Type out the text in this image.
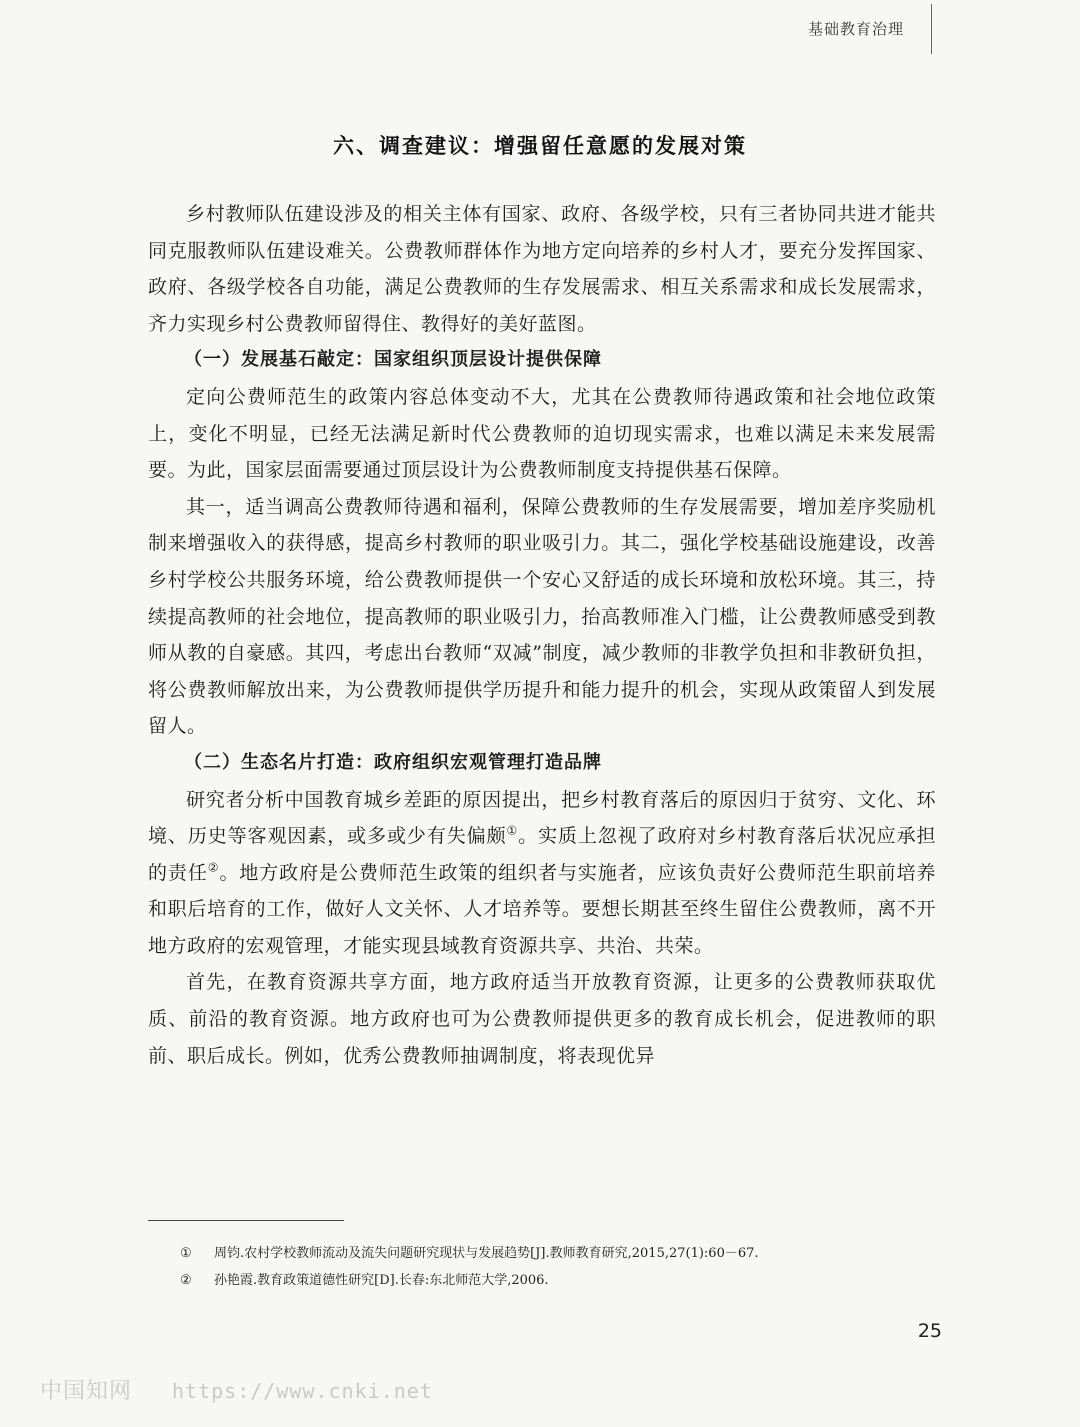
基础教育治理
六、调查建议：增强留任意愿的发展对策

乡村教师队伍建设涉及的相关主体有国家、政府、各级学校，只有三者协同共进才能共同克服教师队伍建设难关。公费教师群体作为地方定向培养的乡村人才，要充分发挥国家、政府、各级学校各自功能，满足公费教师的生存发展需求、相互关系需求和成长发展需求，齐力实现乡村公费教师留得住、教得好的美好蓝图。

（一）发展基石敲定：国家组织顶层设计提供保障

定向公费师范生的政策内容总体变动不大，尤其在公费教师待遇政策和社会地位政策上，变化不明显，已经无法满足新时代公费教师的迫切现实需求，也难以满足未来发展需要。为此，国家层面需要通过顶层设计为公费教师制度支持提供基石保障。

其一，适当调高公费教师待遇和福利，保障公费教师的生存发展需要，增加差序奖励机制来增强收入的获得感，提高乡村教师的职业吸引力。其二，强化学校基础设施建设，改善乡村学校公共服务环境，给公费教师提供一个安心又舒适的成长环境和放松环境。其三，持续提高教师的社会地位，提高教师的职业吸引力，抬高教师准入门槛，让公费教师感受到教师从教的自豪感。其四，考虑出台教师“双减”制度，减少教师的非教学负担和非教研负担，将公费教师解放出来，为公费教师提供学历提升和能力提升的机会，实现从政策留人到发展留人。

（二）生态名片打造：政府组织宏观管理打造品牌

研究者分析中国教育城乡差距的原因提出，把乡村教育落后的原因归于贫穷、文化、环境、历史等客观因素，或多或少有失偏颇①。实质上忽视了政府对乡村教育落后状况应承担的责任②。地方政府是公费师范生政策的组织者与实施者，应该负责好公费师范生职前培养和职后培育的工作，做好人文关怀、人才培养等。要想长期甚至终生留住公费教师，离不开地方政府的宏观管理，才能实现县域教育资源共享、共治、共荣。

首先，在教育资源共享方面，地方政府适当开放教育资源，让更多的公费教师获取优质、前沿的教育资源。地方政府也可为公费教师提供更多的教育成长机会，促进教师的职前、职后成长。例如，优秀公费教师抽调制度，将表现优异

①	周钧.农村学校教师流动及流失问题研究现状与发展趋势[J].教师教育研究,2015,27(1):60－67.
②	孙艳霞.教育政策道德性研究[D].长春:东北师范大学,2006.
25
中国知网 https://www.cnki.net
